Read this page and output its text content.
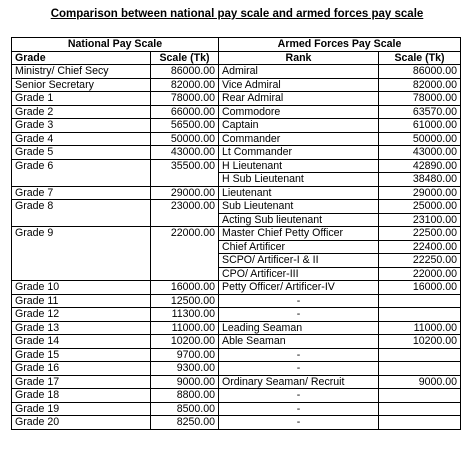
Comparison between national pay scale and armed forces pay scale
National Pay Scale		Armed Forces Pay Scale	
Grade	Scale (Tk)	Rank	Scale (Tk)
Ministry/ Chief Secy	86000.00	Admiral	86000.00
Senior Secretary	82000.00	Vice Admiral	82000.00
Grade 1	78000.00	Rear Admiral	78000.00
Grade 2	66000.00	Commodore	63570.00
Grade 3	56500.00	Captain	61000.00
Grade 4	50000.00	Commander	50000.00
Grade 5	43000.00	Lt Commander	43000.00
Grade 6	35500.00	H Lieutenant	42890.00
		H Sub Lieutenant	38480.00
Grade 7	29000.00	Lieutenant	29000.00
Grade 8	23000.00	Sub Lieutenant	25000.00
		Acting Sub lieutenant	23100.00
Grade 9	22000.00	Master Chief Petty Officer	22500.00
		Chief Artificer	22400.00
		SCPO/ Artificer-I & II	22250.00
		CPO/ Artificer-III	22000.00
Grade 10	16000.00	Petty Officer/ Artificer-IV	16000.00
Grade 11	12500.00	-	
Grade 12	11300.00	-	
Grade 13	11000.00	Leading Seaman	11000.00
Grade 14	10200.00	Able Seaman	10200.00
Grade 15	9700.00	-	
Grade 16	9300.00	-	
Grade 17	9000.00	Ordinary Seaman/ Recruit	9000.00
Grade 18	8800.00	-	
Grade 19	8500.00	-	
Grade 20	8250.00	-	
